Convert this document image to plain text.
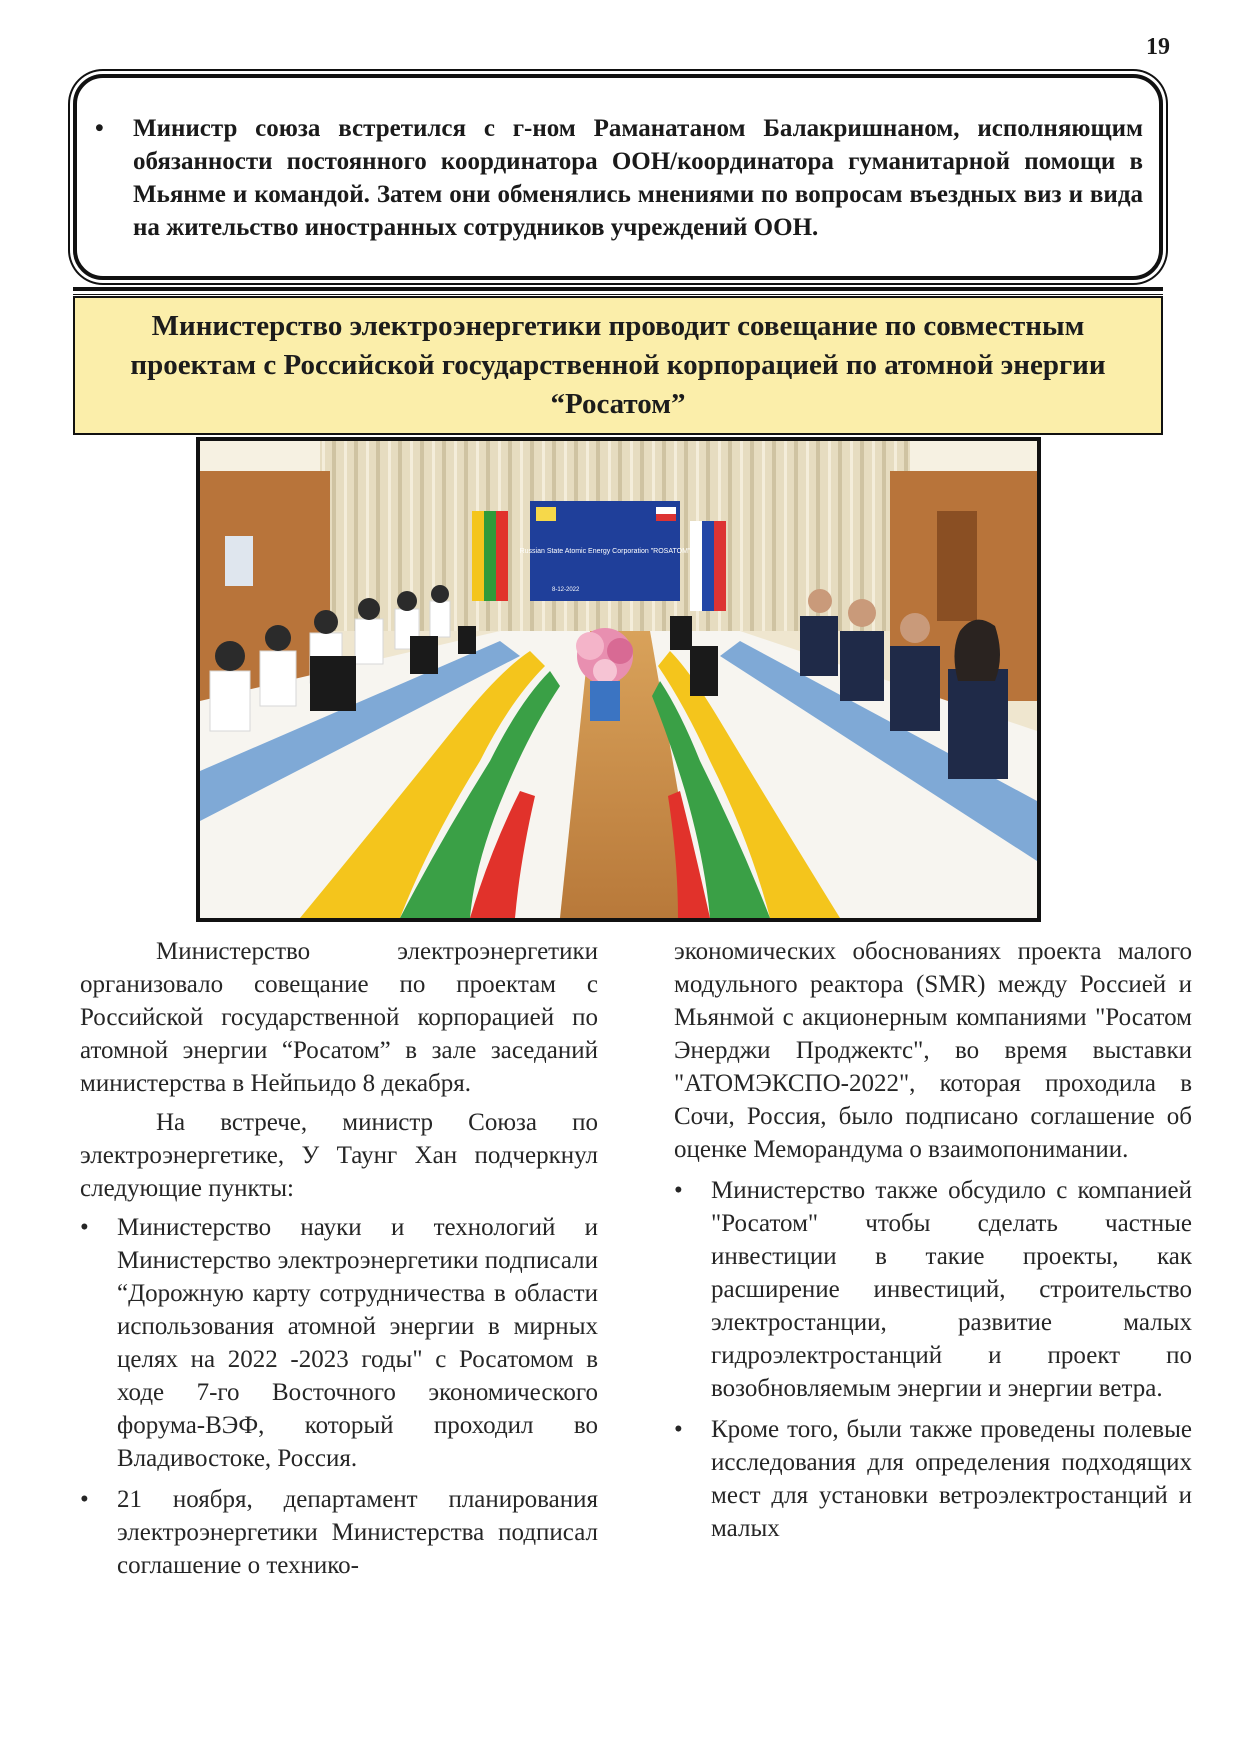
19
• Министр союза встретился с г-ном Раманатаном Балакришнаном, исполняющим обязанности постоянного координатора ООН/координатора гуманитарной помощи в Мьянме и командой. Затем они обменялись мнениями по вопросам въездных виз и вида на жительство иностранных сотрудников учреждений ООН.
Министерство электроэнергетики проводит совещание по совместным
проектам с Российской государственной корпорацией по атомной энергии
“Росатом”
Russian State Atomic Energy Corporation "ROSATOM"
8-12-2022

Министерство электроэнергетики организовало совещание по проектам с Российской государственной корпорацией по атомной энергии “Росатом” в зале заседаний министерства в Нейпьидо 8 декабря.

На встрече, министр Союза по электроэнергетике, У Таунг Хан подчеркнул следующие пункты:

• Министерство науки и технологий и Министерство электроэнергетики подписали “Дорожную карту сотрудничества в области использования атомной энергии в мирных целях на 2022 -2023 годы" с Росатомом в ходе 7-го Восточного экономического форума-ВЭФ, который проходил во Владивостоке, Россия.
• 21 ноября, департамент планирования электроэнергетики Министерства подписал соглашение о технико-
экономических обоснованиях проекта малого модульного реактора (SMR) между Россией и Мьянмой с акционерным компаниями "Росатом Энерджи Проджектс", во время выставки "АТОМЭКСПО-2022", которая проходила в Сочи, Россия, было подписано соглашение об оценке Меморандума о взаимопонимании.
• Министерство также обсудило с компанией "Росатом" чтобы сделать частные инвестиции в такие проекты, как расширение инвестиций, строительство электростанции, развитие малых гидроэлектростанций и проект по возобновляемым энергии и энергии ветра.
• Кроме того, были также проведены полевые исследования для определения подходящих мест для установки ветроэлектростанций и малых
